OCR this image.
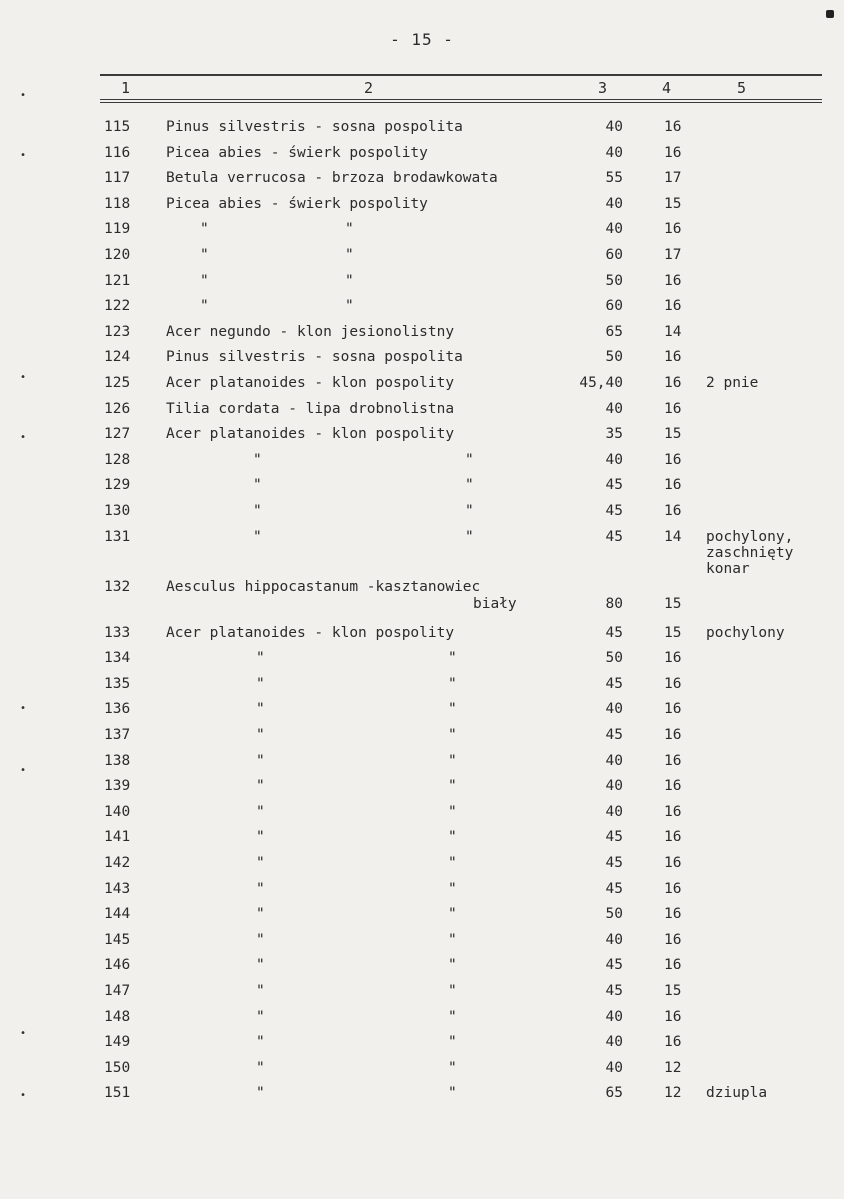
- 15 -
1	2	3	4	5
115 Pinus silvestris - sosna pospolita	40	16
116 Picea abies - świerk pospolity	40	16
117 Betula verrucosa - brzoza brodawkowata	55	17
118 Picea abies - świerk pospolity	40	15
119	"	"	40	16
120	"	"	60	17
121	"	"	50	16
122	"	"	60	16
123 Acer negundo - klon jesionolistny	65	14
124 Pinus silvestris - sosna pospolita	50	16
125 Acer platanoides - klon pospolity	45,40	16 2 pnie
126 Tilia cordata - lipa drobnolistna	40	16
127 Acer platanoides - klon pospolity	35	15
128	"	"	40	16
129	"	"	45	16
130	"	"	45	16
131	"	"	45	14 pochylony,
zaschnięty
konar
132 Aesculus hippocastanum -kasztanowiec
biały	80	15
133 Acer platanoides - klon pospolity	45	15 pochylony
134	"	"	50	16
135	"	"	45	16
136	"	"	40	16
137	"	"	45	16
138	"	"	40	16
139	"	"	40	16
140	"	"	40	16
141	"	"	45	16
142	"	"	45	16
143	"	"	45	16
144	"	"	50	16
145	"	"	40	16
146	"	"	45	16
147	"	"	45	15
148	"	"	40	16
149	"	"	40	16
150	"	"	40	12
151	"	"	65	12 dziupla
•
•
•
•
•
•
•
•
